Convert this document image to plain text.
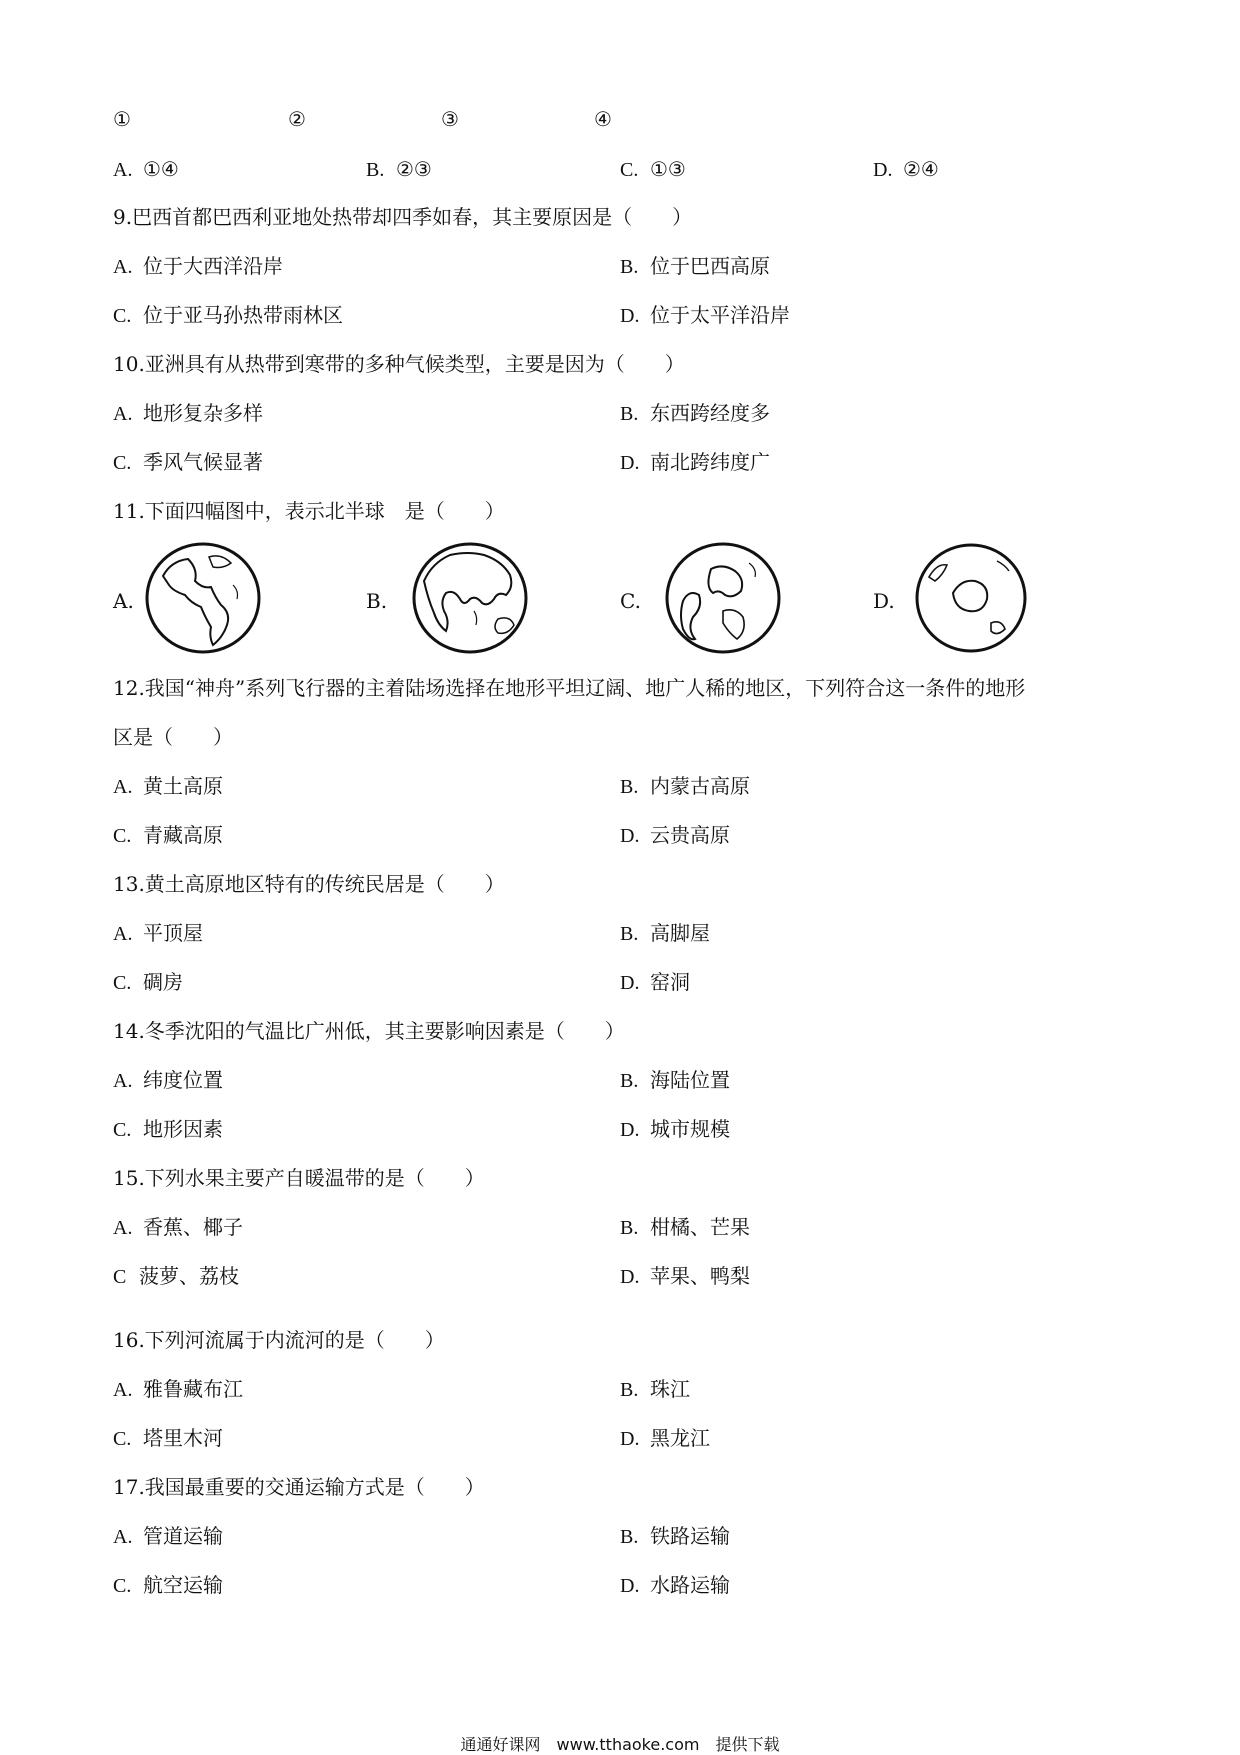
①	②	③	④
A. ①④	B. ②③	C. ①③	D. ②④
9.巴西首都巴西利亚地处热带却四季如春，其主要原因是（　　）
A. 位于大西洋沿岸	B. 位于巴西高原
C. 位于亚马孙热带雨林区	D. 位于太平洋沿岸
10.亚洲具有从热带到寒带的多种气候类型，主要是因为（　　）
A. 地形复杂多样	B. 东西跨经度多
C. 季风气候显著	D. 南北跨纬度广
11.下面四幅图中，表示北半球　是（　　）
A.	B.	C.	D.
12.我国“神舟”系列飞行器的主着陆场选择在地形平坦辽阔、地广人稀的地区，下列符合这一条件的地形
区是（　　）
A. 黄土高原	B. 内蒙古高原
C. 青藏高原	D. 云贵高原
13.黄土高原地区特有的传统民居是（　　）
A. 平顶屋	B. 高脚屋
C. 碉房	D. 窑洞
14.冬季沈阳的气温比广州低，其主要影响因素是（　　）
A. 纬度位置	B. 海陆位置
C. 地形因素	D. 城市规模
15.下列水果主要产自暖温带的是（　　）
A. 香蕉、椰子	B. 柑橘、芒果
C 菠萝、荔枝	D. 苹果、鸭梨
16.下列河流属于内流河的是（　　）
A. 雅鲁藏布江	B. 珠江
C. 塔里木河	D. 黑龙江
17.我国最重要的交通运输方式是（　　）
A. 管道运输	B. 铁路运输
C. 航空运输	D. 水路运输
通通好课网　www.tthaoke.com　提供下载
